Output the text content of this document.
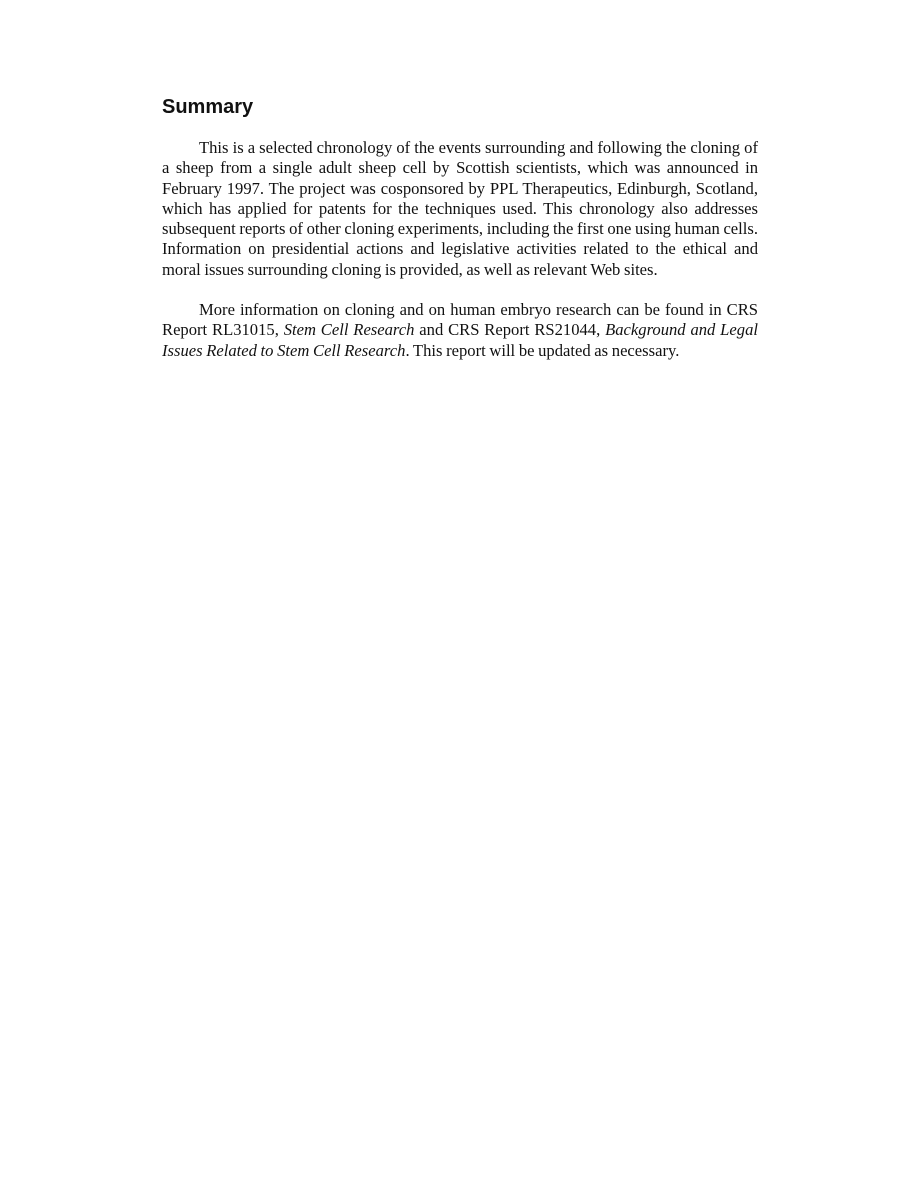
Summary

This is a selected chronology of the events surrounding and following the cloning of a sheep from a single adult sheep cell by Scottish scientists, which was announced in February 1997. The project was cosponsored by PPL Therapeutics, Edinburgh, Scotland, which has applied for patents for the techniques used. This chronology also addresses subsequent reports of other cloning experiments, including the first one using human cells. Information on presidential actions and legislative activities related to the ethical and moral issues surrounding cloning is provided, as well as relevant Web sites.

More information on cloning and on human embryo research can be found in CRS Report RL31015, Stem Cell Research and CRS Report RS21044, Background and Legal Issues Related to Stem Cell Research. This report will be updated as necessary.
